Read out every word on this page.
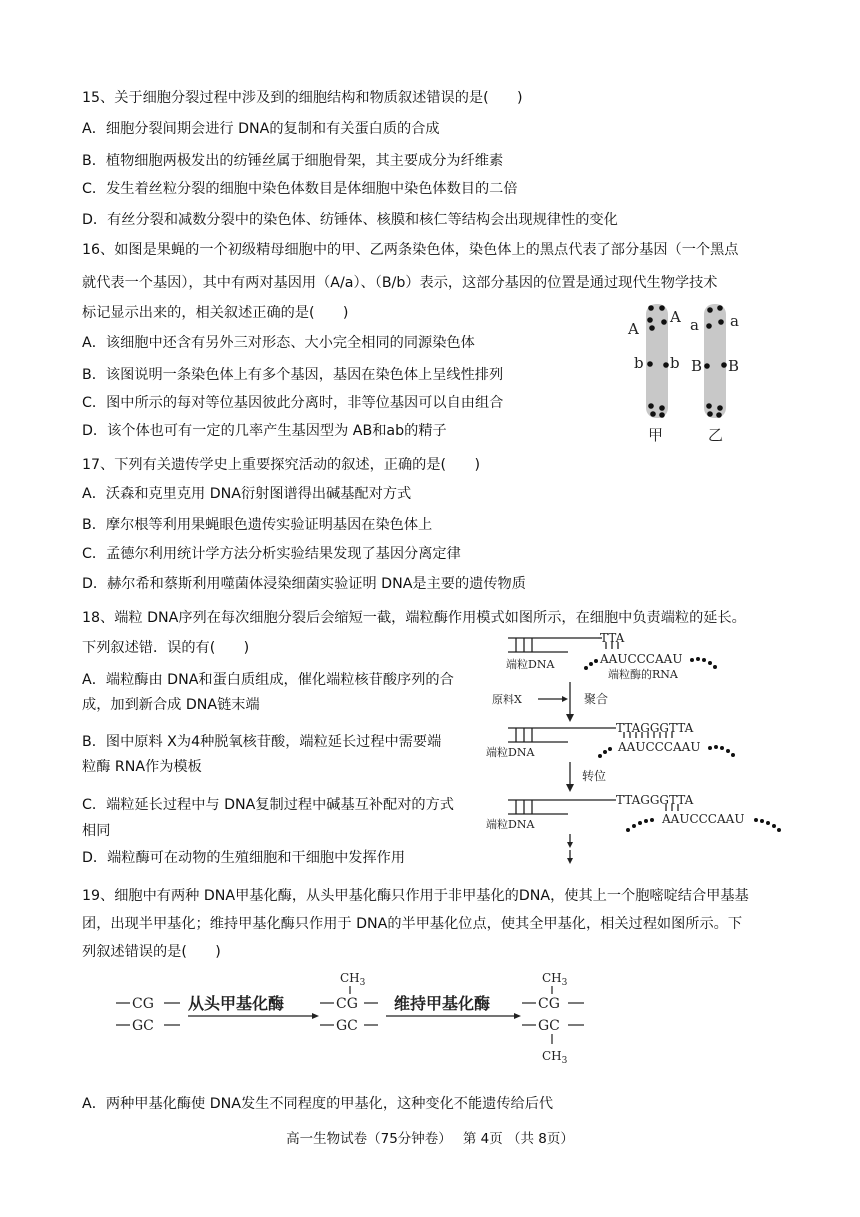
15、关于细胞分裂过程中涉及到的细胞结构和物质叙述错误的是(　　)
A．细胞分裂间期会进行 DNA的复制和有关蛋白质的合成
B．植物细胞两极发出的纺锤丝属于细胞骨架，其主要成分为纤维素
C．发生着丝粒分裂的细胞中染色体数目是体细胞中染色体数目的二倍
D．有丝分裂和减数分裂中的染色体、纺锤体、核膜和核仁等结构会出现规律性的变化
16、如图是果蝇的一个初级精母细胞中的甲、乙两条染色体，染色体上的黑点代表了部分基因（一个黑点
就代表一个基因），其中有两对基因用（A/a）、（B/b）表示，这部分基因的位置是通过现代生物学技术
标记显示出来的，相关叙述正确的是(　　)
A．该细胞中还含有另外三对形态、大小完全相同的同源染色体
B．该图说明一条染色体上有多个基因，基因在染色体上呈线性排列
C．图中所示的每对等位基因彼此分离时，非等位基因可以自由组合
D．该个体也可有一定的几率产生基因型为 AB和ab的精子
A
A a a
b b B B
甲	乙
17、下列有关遗传学史上重要探究活动的叙述，正确的是(　　)
A．沃森和克里克用 DNA衍射图谱得出碱基配对方式
B．摩尔根等利用果蝇眼色遗传实验证明基因在染色体上
C．孟德尔利用统计学方法分析实验结果发现了基因分离定律
D．赫尔希和蔡斯利用噬菌体浸染细菌实验证明 DNA是主要的遗传物质
18、端粒 DNA序列在每次细胞分裂后会缩短一截，端粒酶作用模式如图所示，在细胞中负责端粒的延长。
下列叙述错．误的有(　　)
A．端粒酶由 DNA和蛋白质组成，催化端粒核苷酸序列的合
成，加到新合成 DNA链末端
B．图中原料 X为4种脱氧核苷酸，端粒延长过程中需要端
粒酶 RNA作为模板
C．端粒延长过程中与 DNA复制过程中碱基互补配对的方式
相同
D．端粒酶可在动物的生殖细胞和干细胞中发挥作用
TTA
AAUCCCAAU
端粒DNA
端粒酶的RNA
原料X	聚合
TTAGGGTTA
AAUCCCAAU
端粒DNA
转位
TTAGGGTTA
AAUCCCAAU
端粒DNA
19、细胞中有两种 DNA甲基化酶，从头甲基化酶只作用于非甲基化的DNA，使其上一个胞嘧啶结合甲基基
团，出现半甲基化；维持甲基化酶只作用于 DNA的半甲基化位点，使其全甲基化，相关过程如图所示。下
列叙述错误的是(　　)
CG
GC
从头甲基化酶
$CH_3$
CG
GC
维持甲基化酶
$CH_3$
CG
GC
$CH_3$
A．两种甲基化酶使 DNA发生不同程度的甲基化，这种变化不能遗传给后代
高一生物试卷（75分钟卷）　 第 4页 （共 8页）
